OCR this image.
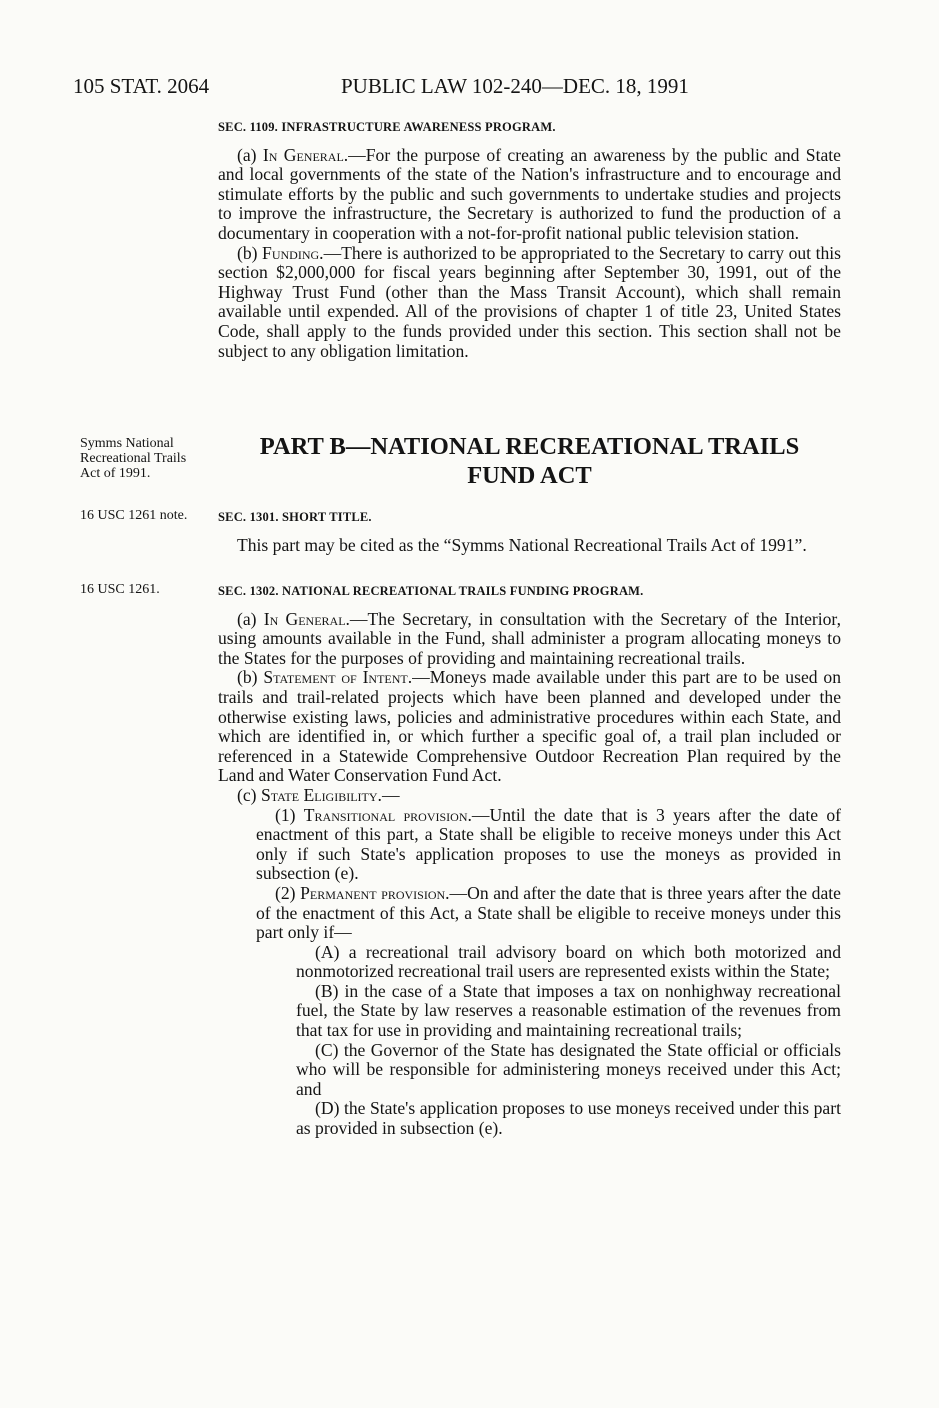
105 STAT. 2064	PUBLIC LAW 102-240—DEC. 18, 1991
SEC. 1109. INFRASTRUCTURE AWARENESS PROGRAM.

(a) In General.—For the purpose of creating an awareness by the public and State and local governments of the state of the Nation's infrastructure and to encourage and stimulate efforts by the public and such governments to undertake studies and projects to improve the infrastructure, the Secretary is authorized to fund the production of a documentary in cooperation with a not-for-profit national public television station.

(b) Funding.—There is authorized to be appropriated to the Secretary to carry out this section $2,000,000 for fiscal years beginning after September 30, 1991, out of the Highway Trust Fund (other than the Mass Transit Account), which shall remain available until expended. All of the provisions of chapter 1 of title 23, United States Code, shall apply to the funds provided under this section. This section shall not be subject to any obligation limitation.

Symms National Recreational Trails Act of 1991.
16 USC 1261 note.
16 USC 1261.
PART B—NATIONAL RECREATIONAL TRAILS
FUND ACT
SEC. 1301. SHORT TITLE.

This part may be cited as the “Symms National Recreational Trails Act of 1991”.

SEC. 1302. NATIONAL RECREATIONAL TRAILS FUNDING PROGRAM.

(a) In General.—The Secretary, in consultation with the Secretary of the Interior, using amounts available in the Fund, shall administer a program allocating moneys to the States for the purposes of providing and maintaining recreational trails.

(b) Statement of Intent.—Moneys made available under this part are to be used on trails and trail-related projects which have been planned and developed under the otherwise existing laws, policies and administrative procedures within each State, and which are identified in, or which further a specific goal of, a trail plan included or referenced in a Statewide Comprehensive Outdoor Recreation Plan required by the Land and Water Conservation Fund Act.

(c) State Eligibility.—

(1) Transitional provision.—Until the date that is 3 years after the date of enactment of this part, a State shall be eligible to receive moneys under this Act only if such State's application proposes to use the moneys as provided in subsection (e).

(2) Permanent provision.—On and after the date that is three years after the date of the enactment of this Act, a State shall be eligible to receive moneys under this part only if—

(A) a recreational trail advisory board on which both motorized and nonmotorized recreational trail users are represented exists within the State;

(B) in the case of a State that imposes a tax on nonhighway recreational fuel, the State by law reserves a reasonable estimation of the revenues from that tax for use in providing and maintaining recreational trails;

(C) the Governor of the State has designated the State official or officials who will be responsible for administering moneys received under this Act; and

(D) the State's application proposes to use moneys received under this part as provided in subsection (e).
